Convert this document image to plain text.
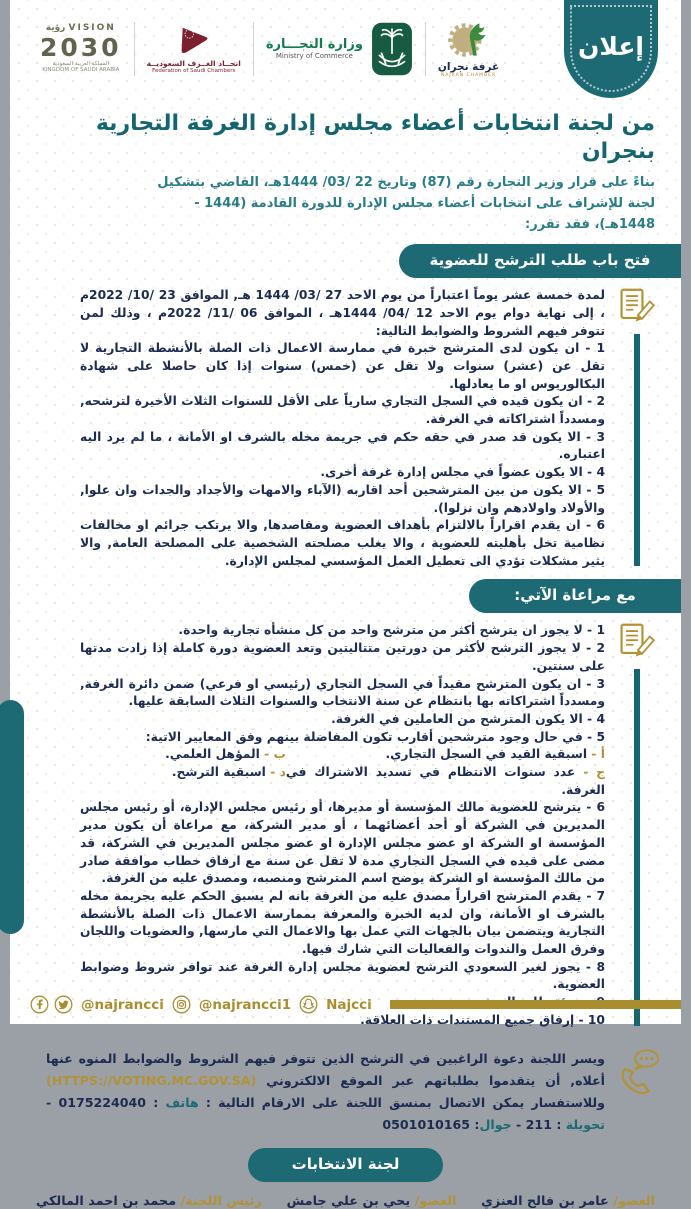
رؤية VISION
2030
المملكة العربية السعودية
KINGDOM OF SAUDI ARABIA
اتحــاد الغــرف السعوديــة
Federation of Saudi Chambers
وزارة التجـــارة
Ministry of Commerce
غرفة نجران
NAJRAN CHAMBER
إعلان
من لجنة انتخابات أعضاء مجلس إدارة الغرفة التجارية بنجران

بناءً على قرار وزير التجارة رقم (87) وتاريخ 22 /03/ 1444هـ، القاضي بتشكيل لجنة للإشراف على انتخابات أعضاء مجلس الإدارة للدورة القادمة (1444 - 1448هـ)، فقد تقرر:

فتح باب طلب الترشح للعضوية

لمدة خمسة عشر يوماً اعتباراً من يوم الاحد 27 /03/ 1444 هـ, الموافق 23 /10/ 2022م ، إلى نهاية دوام يوم الاحد 12 /04/ 1444هـ ، الموافق 06 /11/ 2022م ، وذلك لمن تتوفر فيهم الشروط والضوابط التالية:

1 - ان يكون لدى المترشح خبرة في ممارسة الاعمال ذات الصلة بالأنشطة التجارية لا تقل عن (عشر) سنوات ولا تقل عن (خمس) سنوات إذا كان حاصلا على شهادة البكالوريوس او ما يعادلها.

2 - ان يكون قيده في السجل التجاري سارياً على الأقل للسنوات الثلاث الأخيرة لترشحه, ومسدداً اشتراكاته في الغرفة.

3 - الا يكون قد صدر في حقه حكم في جريمة مخله بالشرف او الأمانة ، ما لم يرد اليه اعتباره.

4 - الا يكون عضواً في مجلس إدارة غرفة أخرى.

5 - الا يكون من بين المترشحين أحد اقاربه (الآباء والامهات والأجداد والجدات وان علوا, والأولاد واولادهم وان نزلوا).

6 - ان يقدم اقراراً بالالتزام بأهداف العضوية ومقاصدها, والا يرتكب جرائم او مخالفات نظامية تخل بأهليته للعضوية ، والا يغلب مصلحته الشخصية على المصلحة العامة, والا يثير مشكلات تؤدي الى تعطيل العمل المؤسسي لمجلس الإدارة.

مع مراعاة الآتي:

1 - لا يجوز ان يترشح أكثر من مترشح واحد من كل منشأه تجارية واحدة.

2 - لا يجوز الترشح لأكثر من دورتين متتاليتين وتعد العضوية دورة كاملة إذا زادت مدتها على سنتين.

3 - ان يكون المترشح مقيداً في السجل التجاري (رئيسي او فرعي) ضمن دائرة الغرفة, ومسدداً اشتراكاته بها بانتظام عن سنة الانتخاب والسنوات الثلاث السابقة عليها.

4 - الا يكون المترشح من العاملين في الغرفة.

5 - في حال وجود مترشحين أقارب تكون المفاضلة بينهم وفق المعايير الاتية:

أ - اسبقية القيد في السجل التجاري.

ب - المؤهل العلمي.

ج - عدد سنوات الانتظام في تسديد الاشتراك في الغرفة.

د - اسبقية الترشح.

6 - يترشح للعضوية مالك المؤسسة أو مديرها، أو رئيس مجلس الإدارة، أو رئيس مجلس المديرين في الشركة أو أحد أعضائهما ، أو مدير الشركة، مع مراعاة أن يكون مدير المؤسسة او الشركة او عضو مجلس الإدارة او عضو مجلس المديرين في الشركة، قد مضى على قيده في السجل التجاري مدة لا تقل عن سنة مع ارفاق خطاب موافقة صادر من مالك المؤسسة او الشركة يوضح اسم المترشح ومنصبه، ومصدق عليه من الغرفة.

7 - يقدم المترشح اقراراً مصدق عليه من الغرفة بانه لم يسبق الحكم عليه بجريمة مخله بالشرف او الأمانة، وان لديه الخبرة والمعرفة بممارسة الاعمال ذات الصلة بالأنشطة التجارية ويتضمن بيان بالجهات التي عمل بها والاعمال التي مارسها, والعضويات واللجان وفرق العمل والندوات والفعاليات التي شارك فيها.

8 - يجوز لغير السعودي الترشح لعضوية مجلس إدارة الغرفة عند توافر شروط وضوابط العضوية.

10 - إرفاق جميع المستندات ذات العلاقة.

ويسر اللجنة دعوة الراغبين في الترشح الذين تتوفر فيهم الشروط والضوابط المنوه عنها أعلاه, أن يتقدموا بطلباتهم عبر الموقع الالكتروني (HTTPS://VOTING.MC.GOV.SA) وللاستفسار يمكن الاتصال بمنسق اللجنة على الارقام التالية : هاتف : 0175224040 - تحويلة : 211 - جوال: 0501010165

لجنة الانتخابات
العضو/ عامر بن فالح العنزي
العضو/ يحي بن علي جامش
رئيس اللجنة/ محمد بن احمد المالكي
@najrancci	@najrancci1	Najcci
